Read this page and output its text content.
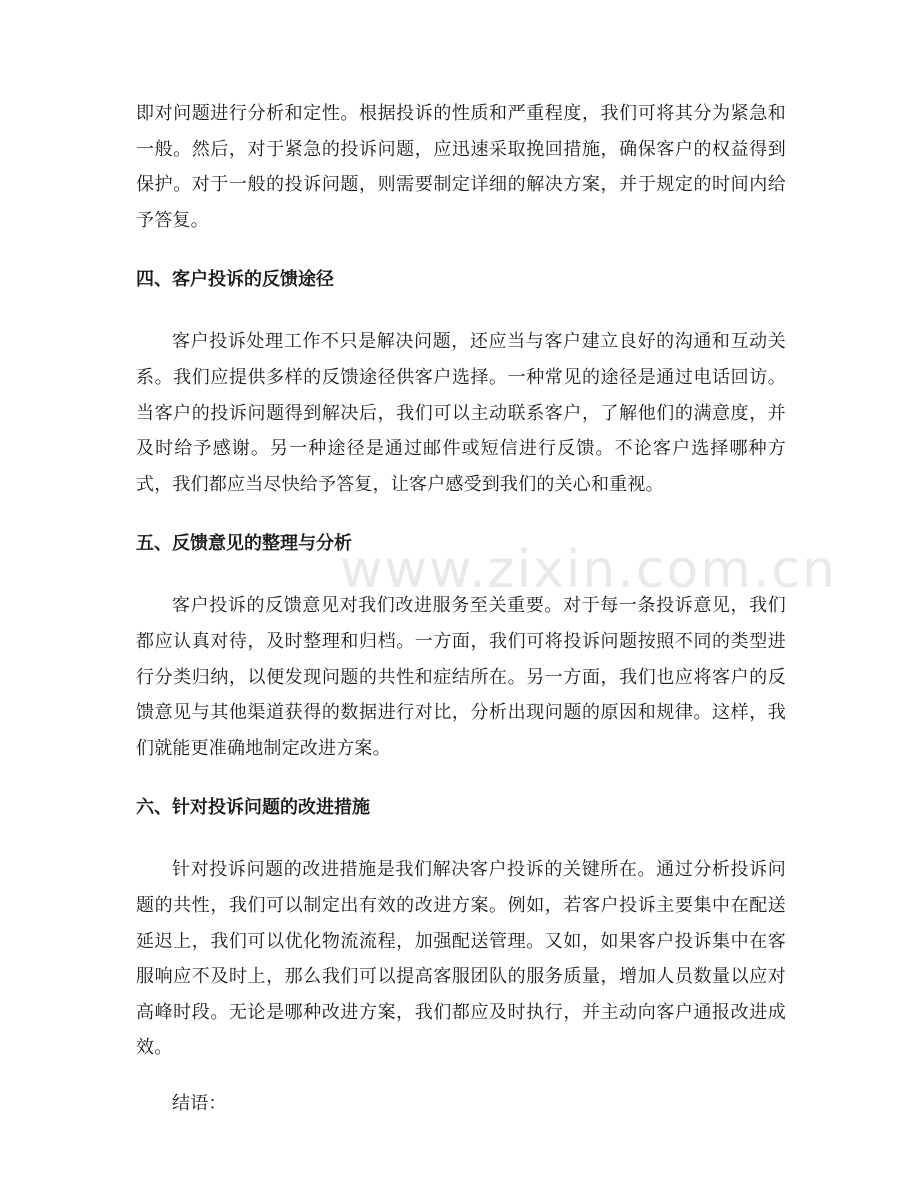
www.zixin.com.cn

即对问题进行分析和定性。根据投诉的性质和严重程度，我们可将其分为紧急和一般。然后，对于紧急的投诉问题，应迅速采取挽回措施，确保客户的权益得到保护。对于一般的投诉问题，则需要制定详细的解决方案，并于规定的时间内给予答复。

四、客户投诉的反馈途径

客户投诉处理工作不只是解决问题，还应当与客户建立良好的沟通和互动关系。我们应提供多样的反馈途径供客户选择。一种常见的途径是通过电话回访。当客户的投诉问题得到解决后，我们可以主动联系客户，了解他们的满意度，并及时给予感谢。另一种途径是通过邮件或短信进行反馈。不论客户选择哪种方式，我们都应当尽快给予答复，让客户感受到我们的关心和重视。

五、反馈意见的整理与分析

客户投诉的反馈意见对我们改进服务至关重要。对于每一条投诉意见，我们都应认真对待，及时整理和归档。一方面，我们可将投诉问题按照不同的类型进行分类归纳，以便发现问题的共性和症结所在。另一方面，我们也应将客户的反馈意见与其他渠道获得的数据进行对比，分析出现问题的原因和规律。这样，我们就能更准确地制定改进方案。

六、针对投诉问题的改进措施

针对投诉问题的改进措施是我们解决客户投诉的关键所在。通过分析投诉问题的共性，我们可以制定出有效的改进方案。例如，若客户投诉主要集中在配送延迟上，我们可以优化物流流程，加强配送管理。又如，如果客户投诉集中在客服响应不及时上，那么我们可以提高客服团队的服务质量，增加人员数量以应对高峰时段。无论是哪种改进方案，我们都应及时执行，并主动向客户通报改进成效。

结语：
